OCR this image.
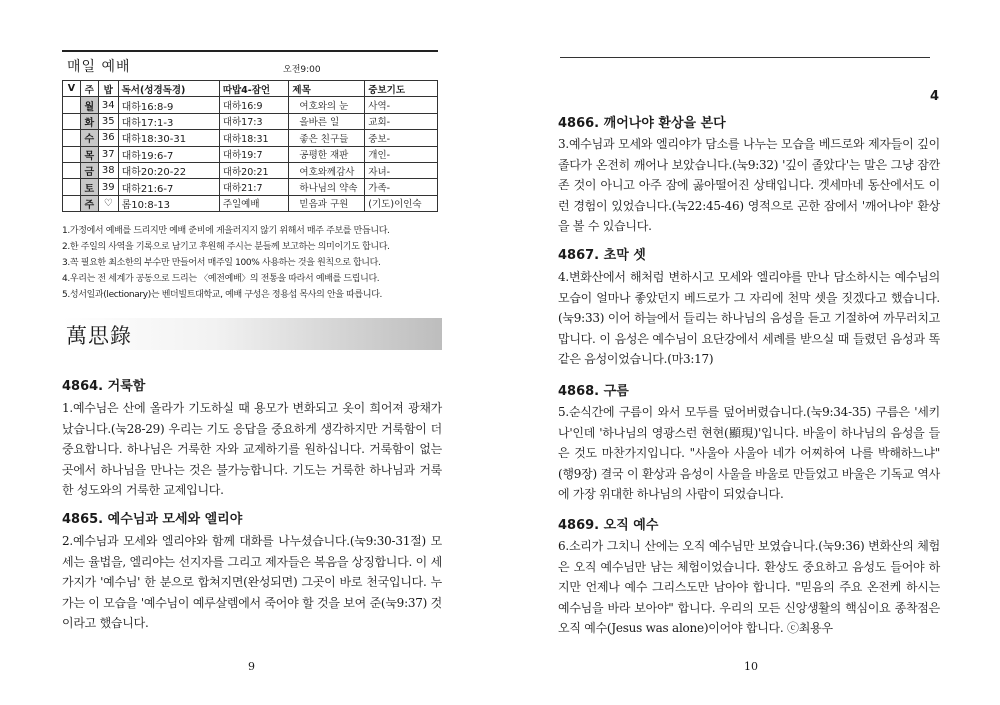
매일 예배	오전9:00
V	주	밥	독서(성경독경)	따밥4-잠언	제목	중보기도
	월	34	대하16:8-9	대하16:9	여호와의 눈	사역-
	화	35	대하17:1-3	대하17:3	올바른 일	교회-
	수	36	대하18:30-31	대하18:31	좋은 친구들	중보-
	목	37	대하19:6-7	대하19:7	공평한 재판	개인-
	금	38	대하20:20-22	대하20:21	여호와께감사	자녀-
	토	39	대하21:6-7	대하21:7	하나님의 약속	가족-
	주	♡	롬10:8-13	주일예배	믿음과 구원	(기도)이인숙
1.가정에서 예배를 드리지만 예배 준비에 게을러지지 않기 위해서 매주 주보를 만듭니다.
2.한 주일의 사역을 기록으로 남기고 후원해 주시는 분들께 보고하는 의미이기도 합니다.
3.꼭 필요한 최소한의 부수만 만들어서 매주일 100% 사용하는 것을 원칙으로 합니다.
4.우리는 전 세계가 공동으로 드리는 〈예전예배〉의 전통을 따라서 예배를 드립니다.
5.성서일과(lectionary)는 벤더빌트대학교, 예배 구성은 정용섭 목사의 안을 따릅니다.
萬思錄
4864. 거룩함
1.예수님은 산에 올라가 기도하실 때 용모가 변화되고 옷이 희어져 광채가 났습니다.(눅28-29) 우리는 기도 응답을 중요하게 생각하지만 거룩함이 더 중요합니다. 하나님은 거룩한 자와 교제하기를 원하십니다. 거룩함이 없는 곳에서 하나님을 만나는 것은 불가능합니다. 기도는 거룩한 하나님과 거룩한 성도와의 거룩한 교제입니다.
4865. 예수님과 모세와 엘리야
2.예수님과 모세와 엘리야와 함께 대화를 나누셨습니다.(눅9:30-31절) 모세는 율법을, 엘리야는 선지자를 그리고 제자들은 복음을 상징합니다. 이 세 가지가 '예수님' 한 분으로 합쳐지면(완성되면) 그곳이 바로 천국입니다. 누가는 이 모습을 '예수님이 예루살렘에서 죽어야 할 것을 보여 준(눅9:37) 것이라고 했습니다.
9
4
4866. 깨어나야 환상을 본다
3.예수님과 모세와 엘리야가 담소를 나누는 모습을 베드로와 제자들이 깊이 졸다가 온전히 깨어나 보았습니다.(눅9:32) '깊이 졸았다'는 말은 그냥 잠깐 존 것이 아니고 아주 잠에 곯아떨어진 상태입니다. 겟세마네 동산에서도 이런 경험이 있었습니다.(눅22:45-46) 영적으로 곤한 잠에서 '깨어나야' 환상을 볼 수 있습니다.
4867. 초막 셋
4.변화산에서 해처럼 변하시고 모세와 엘리야를 만나 담소하시는 예수님의 모습이 얼마나 좋았던지 베드로가 그 자리에 천막 셋을 짓겠다고 했습니다.(눅9:33) 이어 하늘에서 들리는 하나님의 음성을 듣고 기절하여 까무러치고 맙니다. 이 음성은 예수님이 요단강에서 세례를 받으실 때 들렸던 음성과 똑같은 음성이었습니다.(마3:17)
4868. 구름
5.순식간에 구름이 와서 모두를 덮어버렸습니다.(눅9:34-35) 구름은 '세키나'인데 '하나님의 영광스런 현현(顯現)'입니다. 바울이 하나님의 음성을 들은 것도 마찬가지입니다. "사울아 사울아 네가 어찌하여 나를 박해하느냐"(행9장) 결국 이 환상과 음성이 사울을 바울로 만들었고 바울은 기독교 역사에 가장 위대한 하나님의 사람이 되었습니다.
4869. 오직 예수
6.소리가 그치니 산에는 오직 예수님만 보였습니다.(눅9:36) 변화산의 체험은 오직 예수님만 남는 체험이었습니다. 환상도 중요하고 음성도 들어야 하지만 언제나 예수 그리스도만 남아야 합니다. "믿음의 주요 온전케 하시는 예수님을 바라 보아야" 합니다. 우리의 모든 신앙생활의 핵심이요 종착점은 오직 예수(Jesus was alone)이어야 합니다. ⓒ최용우
10
